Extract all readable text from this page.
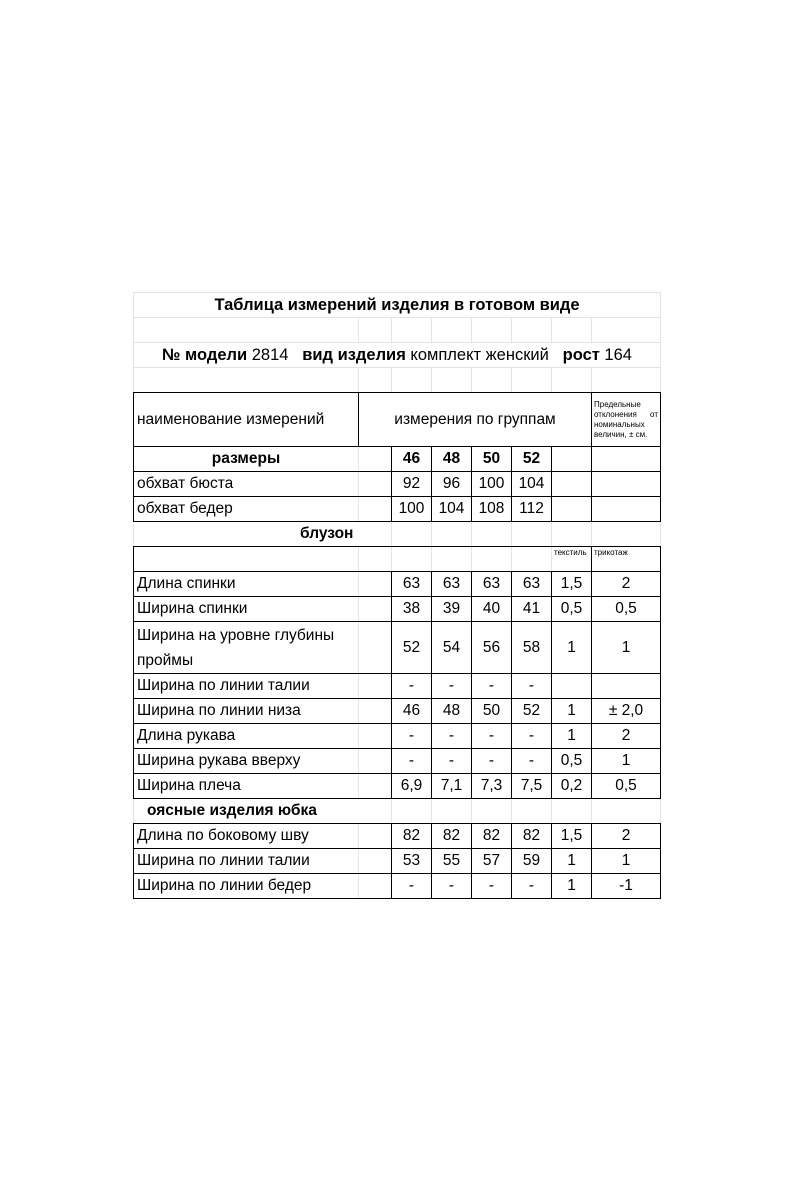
Таблица измерений изделия в готовом виде							

№ модели 2814 вид изделия комплект женский рост 164							

наименование измерений	измерения по группам						Предельные отклонения от номинальных величин, ± см.
размеры		46	48	50	52		
обхват бюста		92	96	100	104		
обхват бедер		100	104	108	112		
блузон							
						текстиль	трикотаж
Длина спинки		63	63	63	63	1,5	2
Ширина спинки		38	39	40	41	0,5	0,5
Ширина на уровне глубины проймы		52	54	56	58	1	1
Ширина по линии талии		-	-	-	-		
Ширина по линии низа		46	48	50	52	1	± 2,0
Длина рукава		-	-	-	-	1	2
Ширина рукава вверху		-	-	-	-	0,5	1
Ширина плеча		6,9	7,1	7,3	7,5	0,2	0,5
оясные изделия юбка							
Длина по боковому шву		82	82	82	82	1,5	2
Ширина по линии талии		53	55	57	59	1	1
Ширина по линии бедер		-	-	-	-	1	-1
